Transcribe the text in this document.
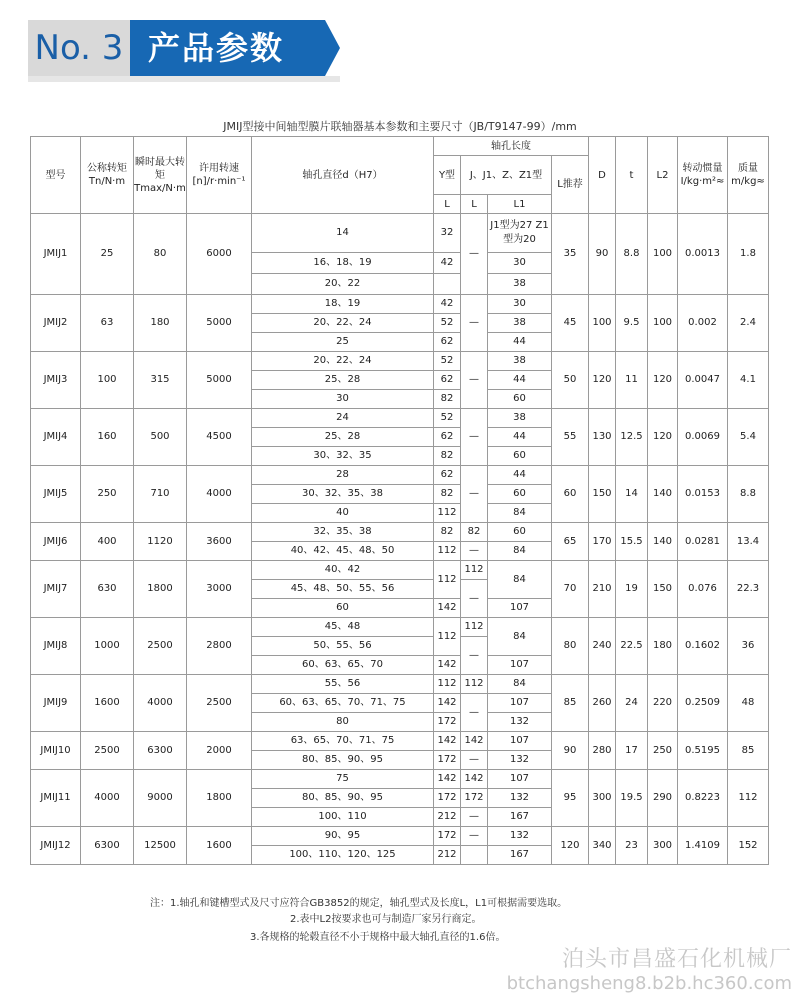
No. 3 产品参数
JMIJ型接中间轴型膜片联轴器基本参数和主要尺寸（JB/T9147-99）/mm
型号	公称转矩Tn/N·m	瞬时最大转矩Tmax/N·m	许用转速[n]/r·min⁻¹	轴孔直径d（H7）	轴孔长度				D	t	L2	转动惯量I/kg·m²≈	质量m/kg≈
					Y型	J、J1、Z、Z1型		L推荐					
					L	L	L1						
JMIJ1	25	80	6000	14	32	—	J1型为27 Z1型为20	35	90	8.8	100	0.0013	1.8
				16、18、19	42		30						
				20、22			38						
JMIJ2	63	180	5000	18、19	42	—	30	45	100	9.5	100	0.002	2.4
				20、22、24	52		38						
				25	62		44						
JMIJ3	100	315	5000	20、22、24	52	—	38	50	120	11	120	0.0047	4.1
				25、28	62		44						
				30	82		60						
JMIJ4	160	500	4500	24	52	—	38	55	130	12.5	120	0.0069	5.4
				25、28	62		44						
				30、32、35	82		60						
JMIJ5	250	710	4000	28	62	—	44	60	150	14	140	0.0153	8.8
				30、32、35、38	82		60						
				40	112		84						
JMIJ6	400	1120	3600	32、35、38	82	82	60	65	170	15.5	140	0.0281	13.4
				40、42、45、48、50	112	—	84						
JMIJ7	630	1800	3000	40、42	112	112	84	70	210	19	150	0.076	22.3
				45、48、50、55、56		—							
				60	142		107						
JMIJ8	1000	2500	2800	45、48	112	112	84	80	240	22.5	180	0.1602	36
				50、55、56		—							
				60、63、65、70	142		107						
JMIJ9	1600	4000	2500	55、56	112	112	84	85	260	24	220	0.2509	48
				60、63、65、70、71、75	142	—	107						
				80	172		132						
JMIJ10	2500	6300	2000	63、65、70、71、75	142	142	107	90	280	17	250	0.5195	85
				80、85、90、95	172	—	132						
JMIJ11	4000	9000	1800	75	142	142	107	95	300	19.5	290	0.8223	112
				80、85、90、95	172	172	132						
				100、110	212	—	167						
JMIJ12	6300	12500	1600	90、95	172	—	132	120	340	23	300	1.4109	152
				100、110、120、125	212		167						
注：1.轴孔和键槽型式及尺寸应符合GB3852的规定，轴孔型式及长度L，L1可根据需要选取。
2.表中L2按要求也可与制造厂家另行商定。
3.各规格的轮毂直径不小于规格中最大轴孔直径的1.6倍。
泊头市昌盛石化机械厂
btchangsheng8.b2b.hc360.com
